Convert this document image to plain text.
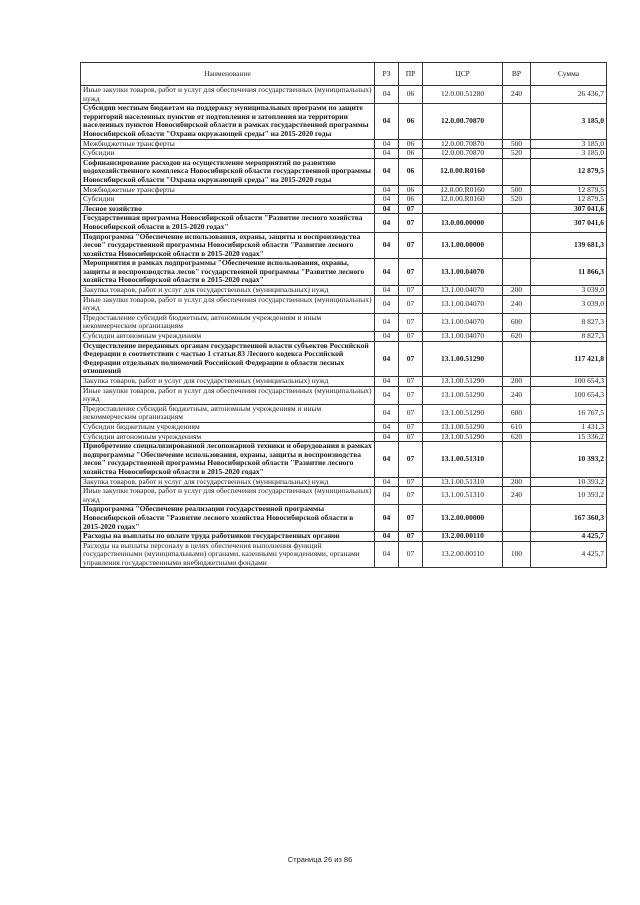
Наименование	РЗ	ПР	ЦСР	ВР	Сумма
Иные закупки товаров, работ и услуг для обеспечения государственных (муниципальных) нужд	04	06	12.0.00.51280	240	26 436,7
Субсидии местным бюджетам на поддержку муниципальных программ по защите территорий населенных пунктов от подтопления и затопления на территории населенных пунктов Новосибирской области в рамках государственной программы Новосибирской области "Охрана окружающей среды" на 2015-2020 годы	04	06	12.0.00.70870		3 185,0
Межбюджетные трансферты	04	06	12.0.00.70870	500	3 185,0
Субсидии	04	06	12.0.00.70870	520	3 185,0
Софинансирование расходов на осуществление мероприятий по развитию водохозяйственного комплекса Новосибирской области государственной программы Новосибирской области "Охрана окружающей среды" на 2015-2020 годы	04	06	12.0.00.R0160		12 879,5
Межбюджетные трансферты	04	06	12.0.00.R0160	500	12 879,5
Субсидии	04	06	12.0.00.R0160	520	12 879,5
Лесное хозяйство	04	07			307 041,6
Государственная программа Новосибирской области "Развитие лесного хозяйства Новосибирской области в 2015-2020 годах"	04	07	13.0.00.00000		307 041,6
Подпрограмма "Обеспечение использования, охраны, защиты и воспроизводства лесов" государственной программы Новосибирской области "Развитие лесного хозяйства Новосибирской области в 2015-2020 годах"	04	07	13.1.00.00000		139 681,3
Мероприятия в рамках подпрограммы "Обеспечение использования, охраны, защиты и воспроизводства лесов" государственной программы "Развитие лесного хозяйства Новосибирской области в 2015-2020 годах"	04	07	13.1.00.04070		11 866,3
Закупка товаров, работ и услуг для государственных (муниципальных) нужд	04	07	13.1.00.04070	200	3 039,0
Иные закупки товаров, работ и услуг для обеспечения государственных (муниципальных) нужд	04	07	13.1.00.04070	240	3 039,0
Предоставление субсидий бюджетным, автономным учреждениям и иным некоммерческим организациям	04	07	13.1.00.04070	600	8 827,3
Субсидии автономным учреждениям	04	07	13.1.00.04070	620	8 827,3
Осуществление переданных органам государственной власти субъектов Российской Федерации в соответствии с частью 1 статьи 83 Лесного кодекса Российской Федерации отдельных полномочий Российской Федерации в области лесных отношений	04	07	13.1.00.51290		117 421,8
Закупка товаров, работ и услуг для государственных (муниципальных) нужд	04	07	13.1.00.51290	200	100 654,3
Иные закупки товаров, работ и услуг для обеспечения государственных (муниципальных) нужд	04	07	13.1.00.51290	240	100 654,3
Предоставление субсидий бюджетным, автономным учреждениям и иным некоммерческим организациям	04	07	13.1.00.51290	600	16 767,5
Субсидии бюджетным учреждениям	04	07	13.1.00.51290	610	1 431,3
Субсидии автономным учреждениям	04	07	13.1.00.51290	620	15 336,2
Приобретение специализированной лесопожарной техники и оборудования в рамках подпрограммы "Обеспечение использования, охраны, защиты и воспроизводства лесов" государственной программы Новосибирской области "Развитие лесного хозяйства Новосибирской области в 2015-2020 годах"	04	07	13.1.00.51310		10 393,2
Закупка товаров, работ и услуг для государственных (муниципальных) нужд	04	07	13.1.00.51310	200	10 393,2
Иные закупки товаров, работ и услуг для обеспечения государственных (муниципальных) нужд	04	07	13.1.00.51310	240	10 393,2
Подпрограмма "Обеспечение реализации государственной программы Новосибирской области "Развитие лесного хозяйства Новосибирской области в 2015-2020 годах"	04	07	13.2.00.00000		167 360,3
Расходы на выплаты по оплате труда работников государственных органов	04	07	13.2.00.00110		4 425,7
Расходы на выплаты персоналу в целях обеспечения выполнения функций государственными (муниципальными) органами, казенными учреждениями, органами управления государственными внебюджетными фондами	04	07	13.2.00.00110	100	4 425,7
Страница 26 из 86
